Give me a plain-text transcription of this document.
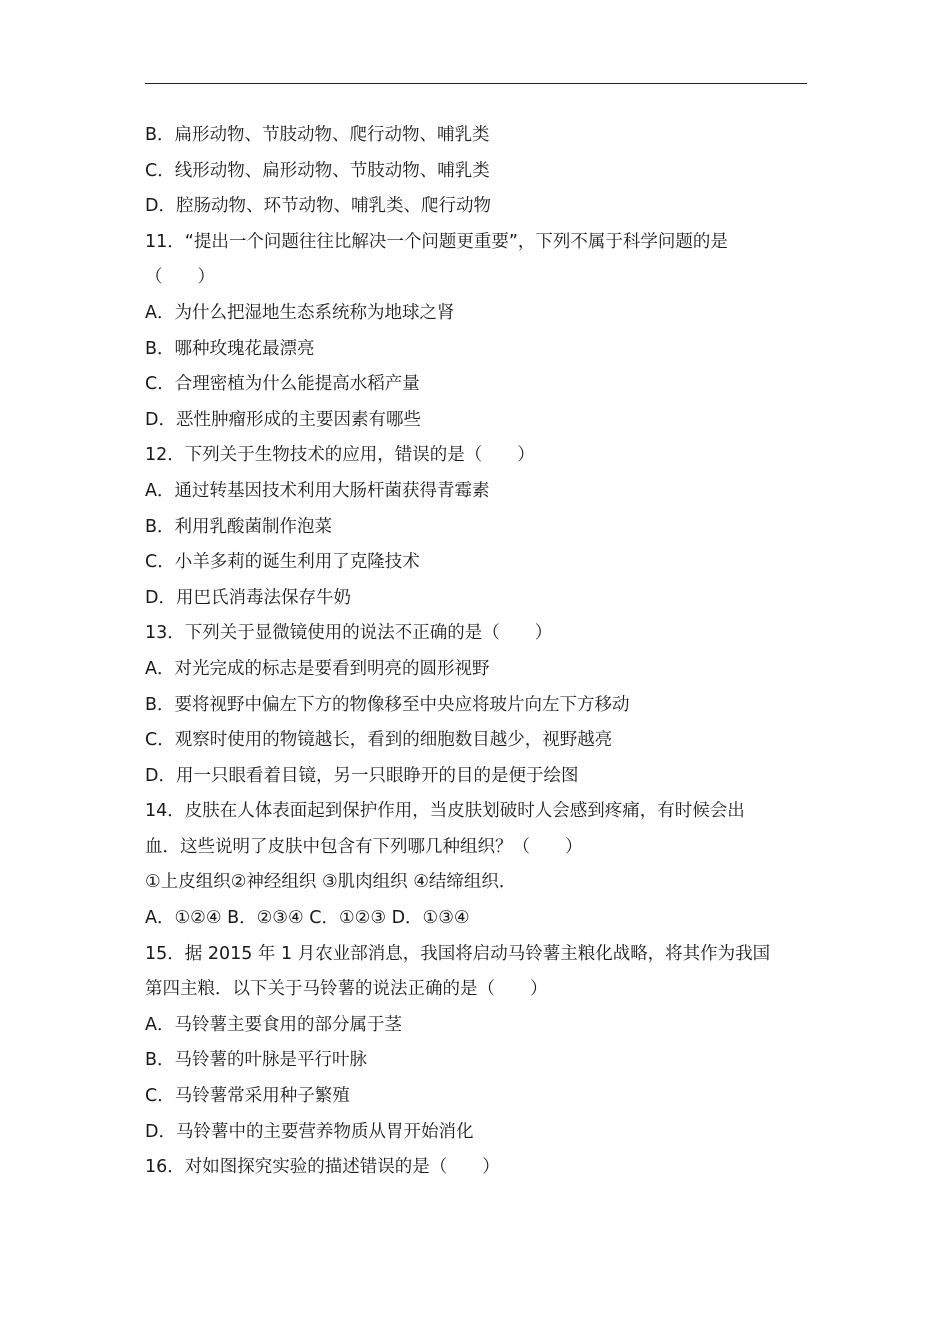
B．扁形动物、节肢动物、爬行动物、哺乳类
C．线形动物、扁形动物、节肢动物、哺乳类
D．腔肠动物、环节动物、哺乳类、爬行动物
11．“提出一个问题往往比解决一个问题更重要”，下列不属于科学问题的是
（　　）
A．为什么把湿地生态系统称为地球之肾
B．哪种玫瑰花最漂亮
C．合理密植为什么能提高水稻产量
D．恶性肿瘤形成的主要因素有哪些
12．下列关于生物技术的应用，错误的是（　　）
A．通过转基因技术利用大肠杆菌获得青霉素
B．利用乳酸菌制作泡菜
C．小羊多莉的诞生利用了克隆技术
D．用巴氏消毒法保存牛奶
13．下列关于显微镜使用的说法不正确的是（　　）
A．对光完成的标志是要看到明亮的圆形视野
B．要将视野中偏左下方的物像移至中央应将玻片向左下方移动
C．观察时使用的物镜越长，看到的细胞数目越少，视野越亮
D．用一只眼看着目镜，另一只眼睁开的目的是便于绘图
14．皮肤在人体表面起到保护作用，当皮肤划破时人会感到疼痛，有时候会出
血．这些说明了皮肤中包含有下列哪几种组织？（　　）
①上皮组织②神经组织 ③肌肉组织 ④结缔组织．
A．①②④ B．②③④ C．①②③ D．①③④
15．据 2015 年 1 月农业部消息，我国将启动马铃薯主粮化战略，将其作为我国
第四主粮．以下关于马铃薯的说法正确的是（　　）
A．马铃薯主要食用的部分属于茎
B．马铃薯的叶脉是平行叶脉
C．马铃薯常采用种子繁殖
D．马铃薯中的主要营养物质从胃开始消化
16．对如图探究实验的描述错误的是（　　）
